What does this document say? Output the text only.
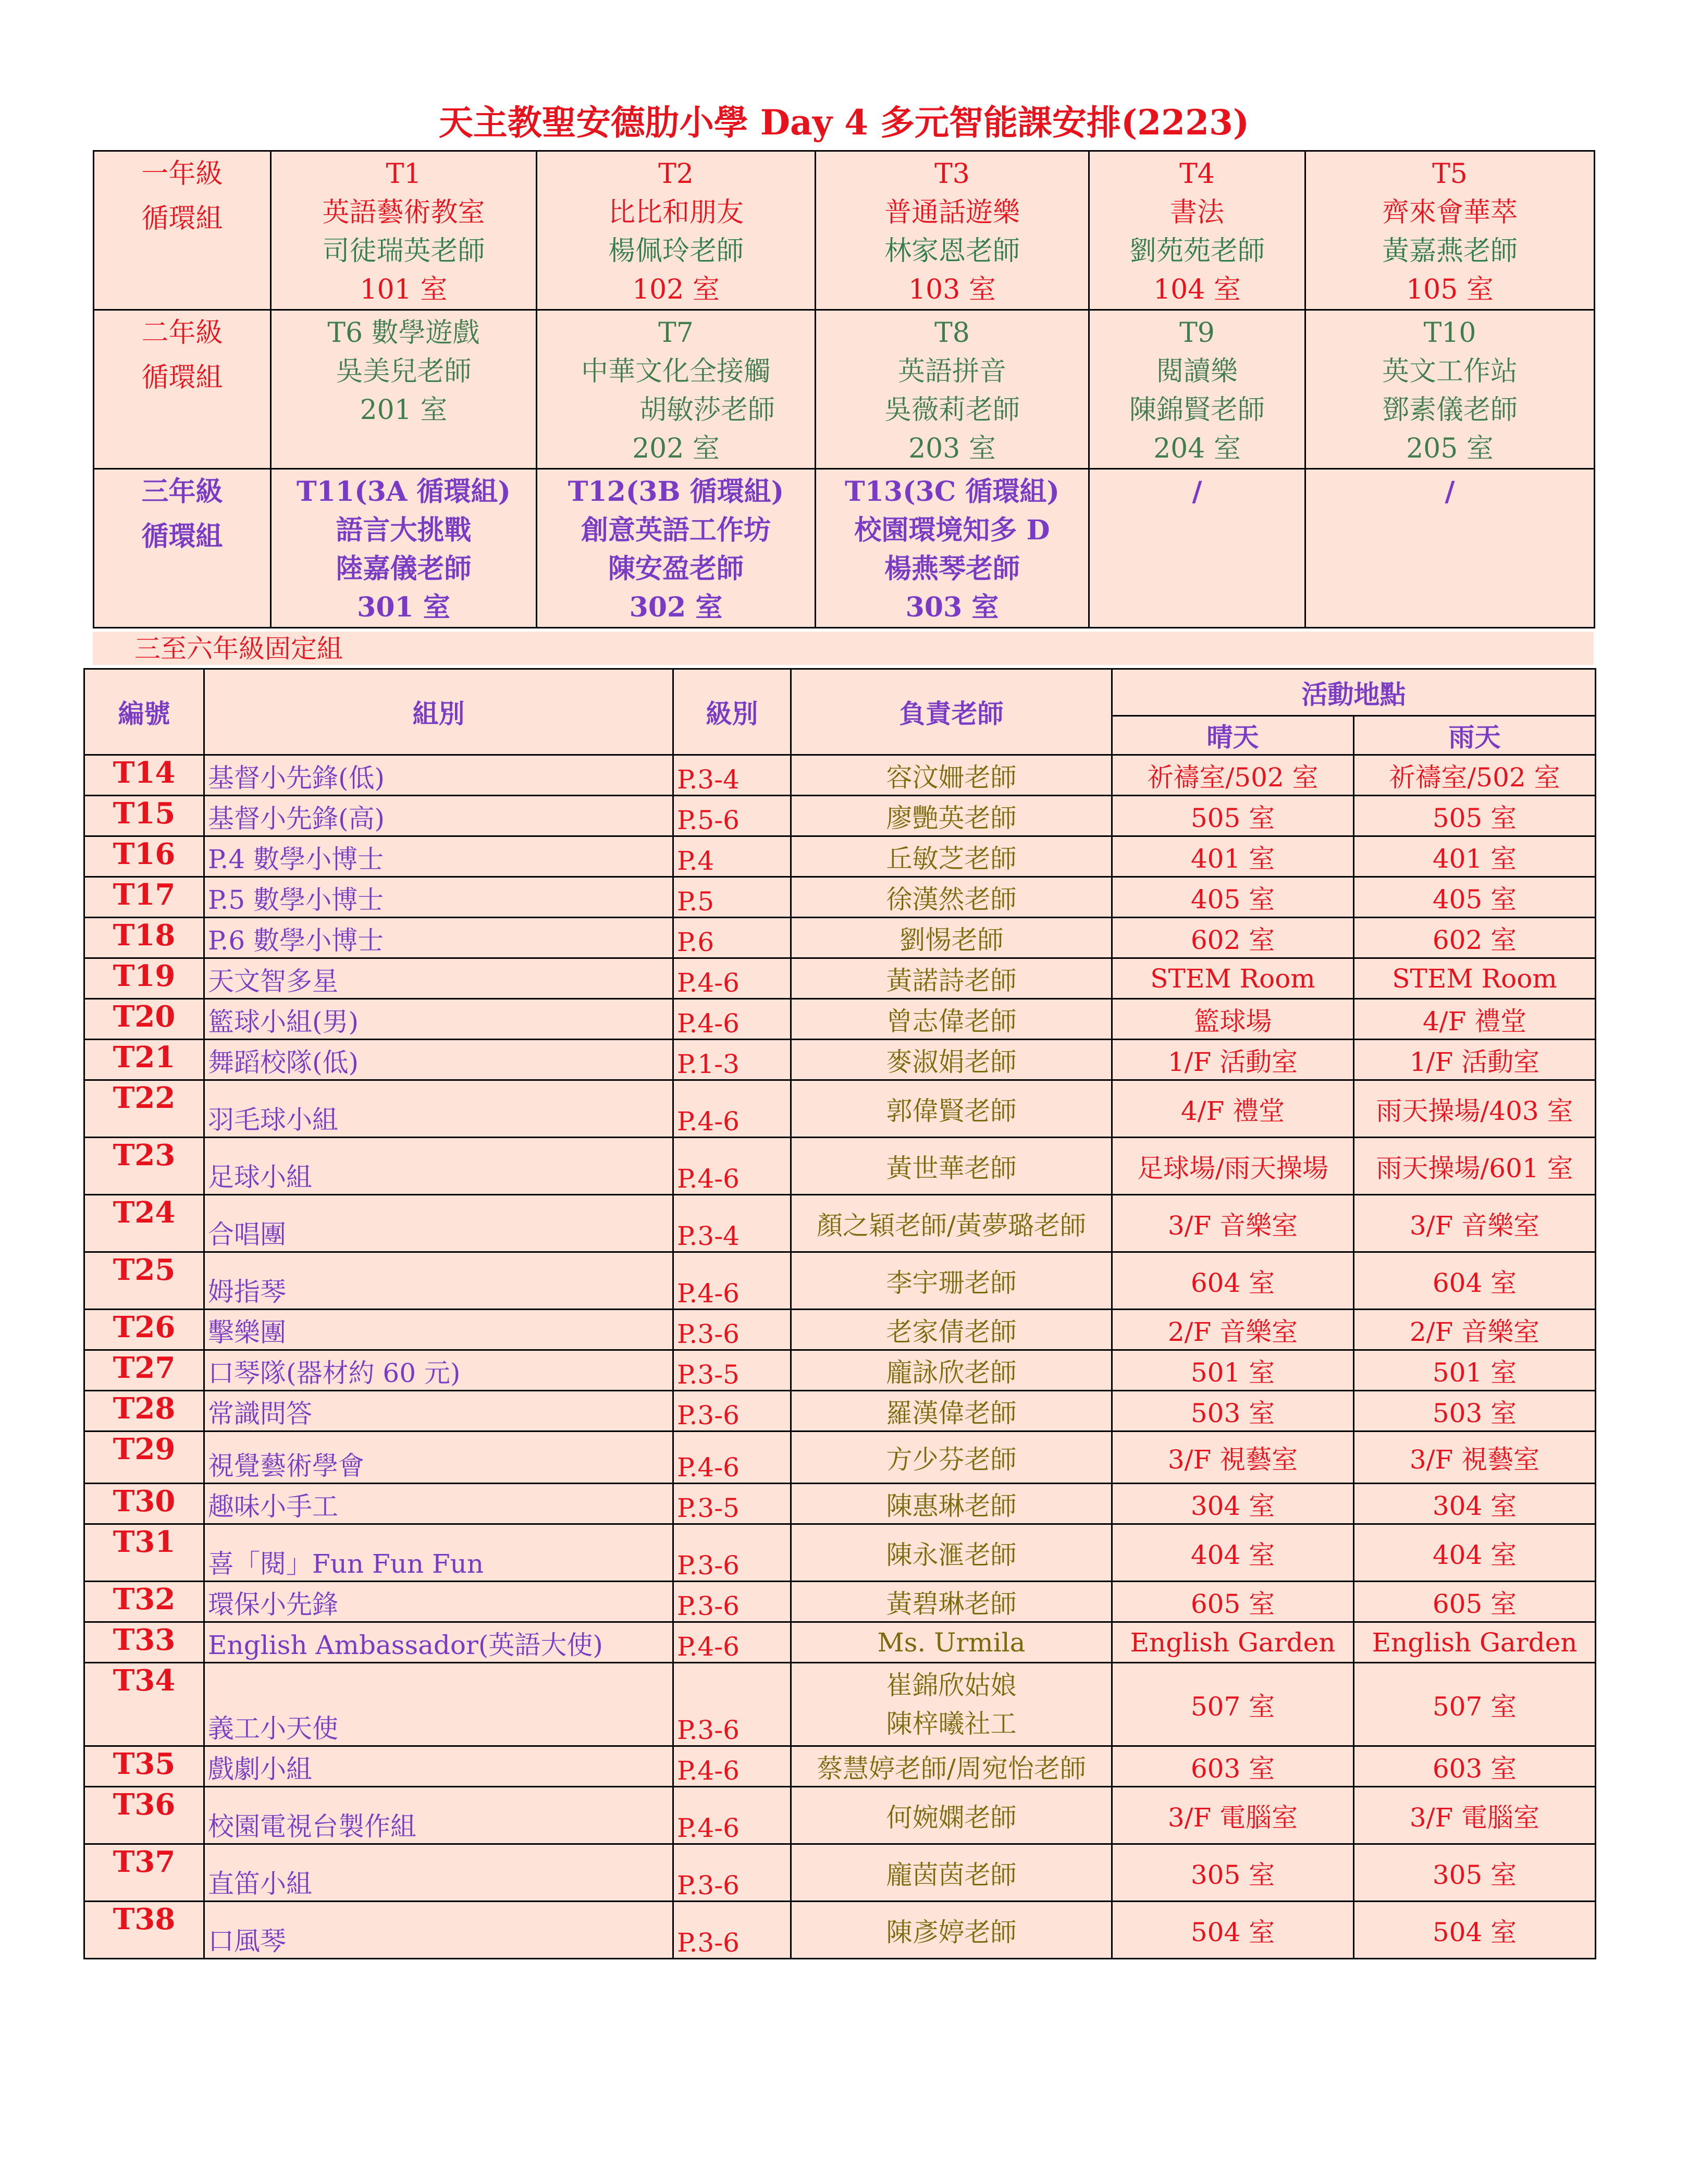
天主教聖安德肋小學 Day 4 多元智能課安排(2223)
一年級
循環組	T1
英語藝術教室
司徒瑞英老師
101 室	T2
比比和朋友
楊佩玲老師
102 室	T3
普通話遊樂
林家恩老師
103 室	T4
書法
劉苑苑老師
104 室	T5
齊來會華萃
黃嘉燕老師
105 室

二年級
循環組	T6 數學遊戲
吳美兒老師
201 室	T7
中華文化全接觸
胡敏莎老師
202 室	T8
英語拼音
吳薇莉老師
203 室	T9
閱讀樂
陳錦賢老師
204 室	T10
英文工作站
鄧素儀老師
205 室

三年級
循環組	T11(3A 循環組)
語言大挑戰
陸嘉儀老師
301 室	T12(3B 循環組)
創意英語工作坊
陳安盈老師
302 室	T13(3C 循環組)
校園環境知多 D
楊燕琴老師
303 室	/	/
三至六年級固定組
編號	組別	級別	負責老師	活動地點	
				晴天	雨天
T14	基督小先鋒(低)	P.3-4	容汶姍老師	祈禱室/502 室	祈禱室/502 室
T15	基督小先鋒(高)	P.5-6	廖艷英老師	505 室	505 室
T16	P.4 數學小博士	P.4	丘敏芝老師	401 室	401 室
T17	P.5 數學小博士	P.5	徐漢然老師	405 室	405 室
T18	P.6 數學小博士	P.6	劉惕老師	602 室	602 室
T19	天文智多星	P.4-6	黃諾詩老師	STEM Room	STEM Room
T20	籃球小組(男)	P.4-6	曾志偉老師	籃球場	4/F 禮堂
T21	舞蹈校隊(低)	P.1-3	麥淑娟老師	1/F 活動室	1/F 活動室
T22	羽毛球小組	P.4-6	郭偉賢老師	4/F 禮堂	雨天操場/403 室
T23	足球小組	P.4-6	黃世華老師	足球場/雨天操場	雨天操場/601 室
T24	合唱團	P.3-4	顏之穎老師/黃夢璐老師	3/F 音樂室	3/F 音樂室
T25	姆指琴	P.4-6	李宇珊老師	604 室	604 室
T26	擊樂團	P.3-6	老家倩老師	2/F 音樂室	2/F 音樂室
T27	口琴隊(器材約 60 元)	P.3-5	龐詠欣老師	501 室	501 室
T28	常識問答	P.3-6	羅漢偉老師	503 室	503 室
T29	視覺藝術學會	P.4-6	方少芬老師	3/F 視藝室	3/F 視藝室
T30	趣味小手工	P.3-5	陳惠琳老師	304 室	304 室
T31	喜「閱」Fun Fun Fun	P.3-6	陳永滙老師	404 室	404 室
T32	環保小先鋒	P.3-6	黃碧琳老師	605 室	605 室
T33	English Ambassador(英語大使)	P.4-6	Ms. Urmila	English Garden	English Garden
T34	義工小天使	P.3-6	崔錦欣姑娘
陳梓曦社工	507 室	507 室
T35	戲劇小組	P.4-6	蔡慧婷老師/周宛怡老師	603 室	603 室
T36	校園電視台製作組	P.4-6	何婉嫻老師	3/F 電腦室	3/F 電腦室
T37	直笛小組	P.3-6	龐茵茵老師	305 室	305 室
T38	口風琴	P.3-6	陳彥婷老師	504 室	504 室
